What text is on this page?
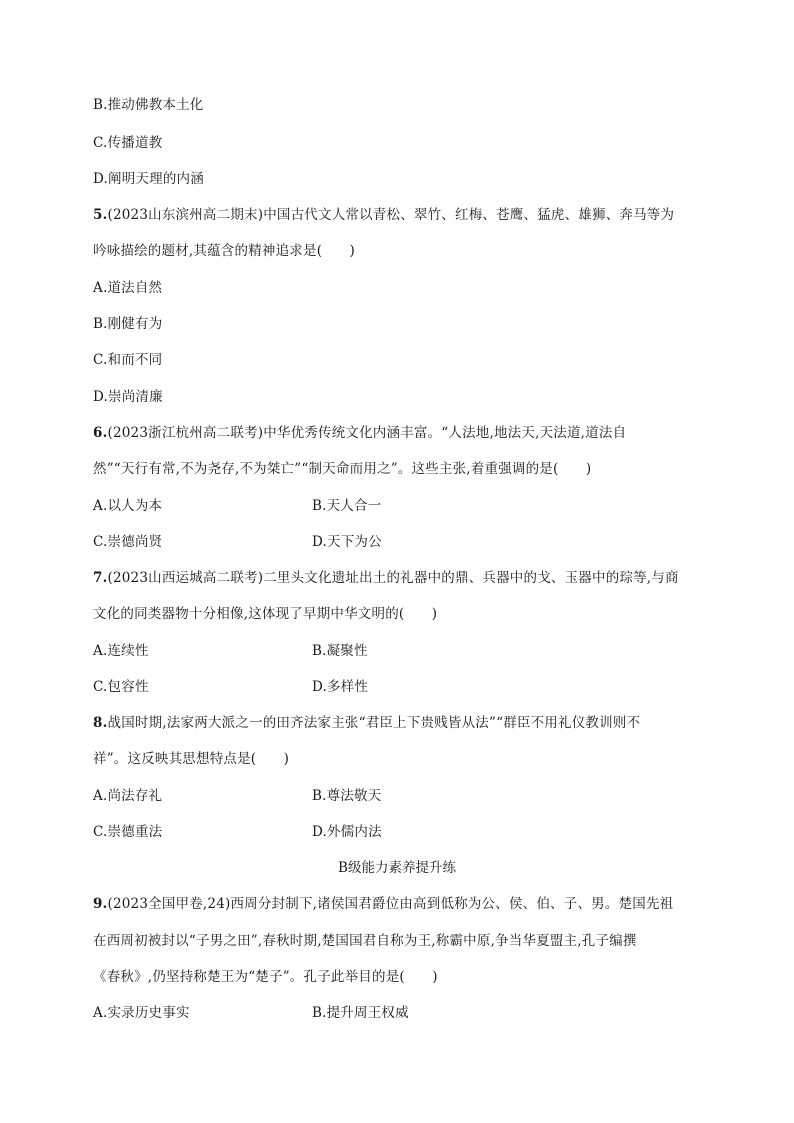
B.推动佛教本土化
C.传播道教
D.阐明天理的内涵
5.(2023山东滨州高二期末)中国古代文人常以青松、翠竹、红梅、苍鹰、猛虎、雄狮、奔马等为
吟咏描绘的题材,其蕴含的精神追求是(　　)
A.道法自然
B.刚健有为
C.和而不同
D.崇尚清廉
6.(2023浙江杭州高二联考)中华优秀传统文化内涵丰富。“人法地,地法天,天法道,道法自
然”“天行有常,不为尧存,不为桀亡”“制天命而用之”。这些主张,着重强调的是(　　)
A.以人为本	B.天人合一
C.崇德尚贤	D.天下为公
7.(2023山西运城高二联考)二里头文化遗址出土的礼器中的鼎、兵器中的戈、玉器中的琮等,与商
文化的同类器物十分相像,这体现了早期中华文明的(　　)
A.连续性	B.凝聚性
C.包容性	D.多样性
8.战国时期,法家两大派之一的田齐法家主张“君臣上下贵贱皆从法”“群臣不用礼仪教训则不
祥”。这反映其思想特点是(　　)
A.尚法存礼	B.尊法敬天
C.崇德重法	D.外儒内法
B级能力素养提升练
9.(2023全国甲卷,24)西周分封制下,诸侯国君爵位由高到低称为公、侯、伯、子、男。楚国先祖
在西周初被封以“子男之田”,春秋时期,楚国国君自称为王,称霸中原,争当华夏盟主,孔子编撰
《春秋》,仍坚持称楚王为“楚子”。孔子此举目的是(　　)
A.实录历史事实	B.提升周王权威
